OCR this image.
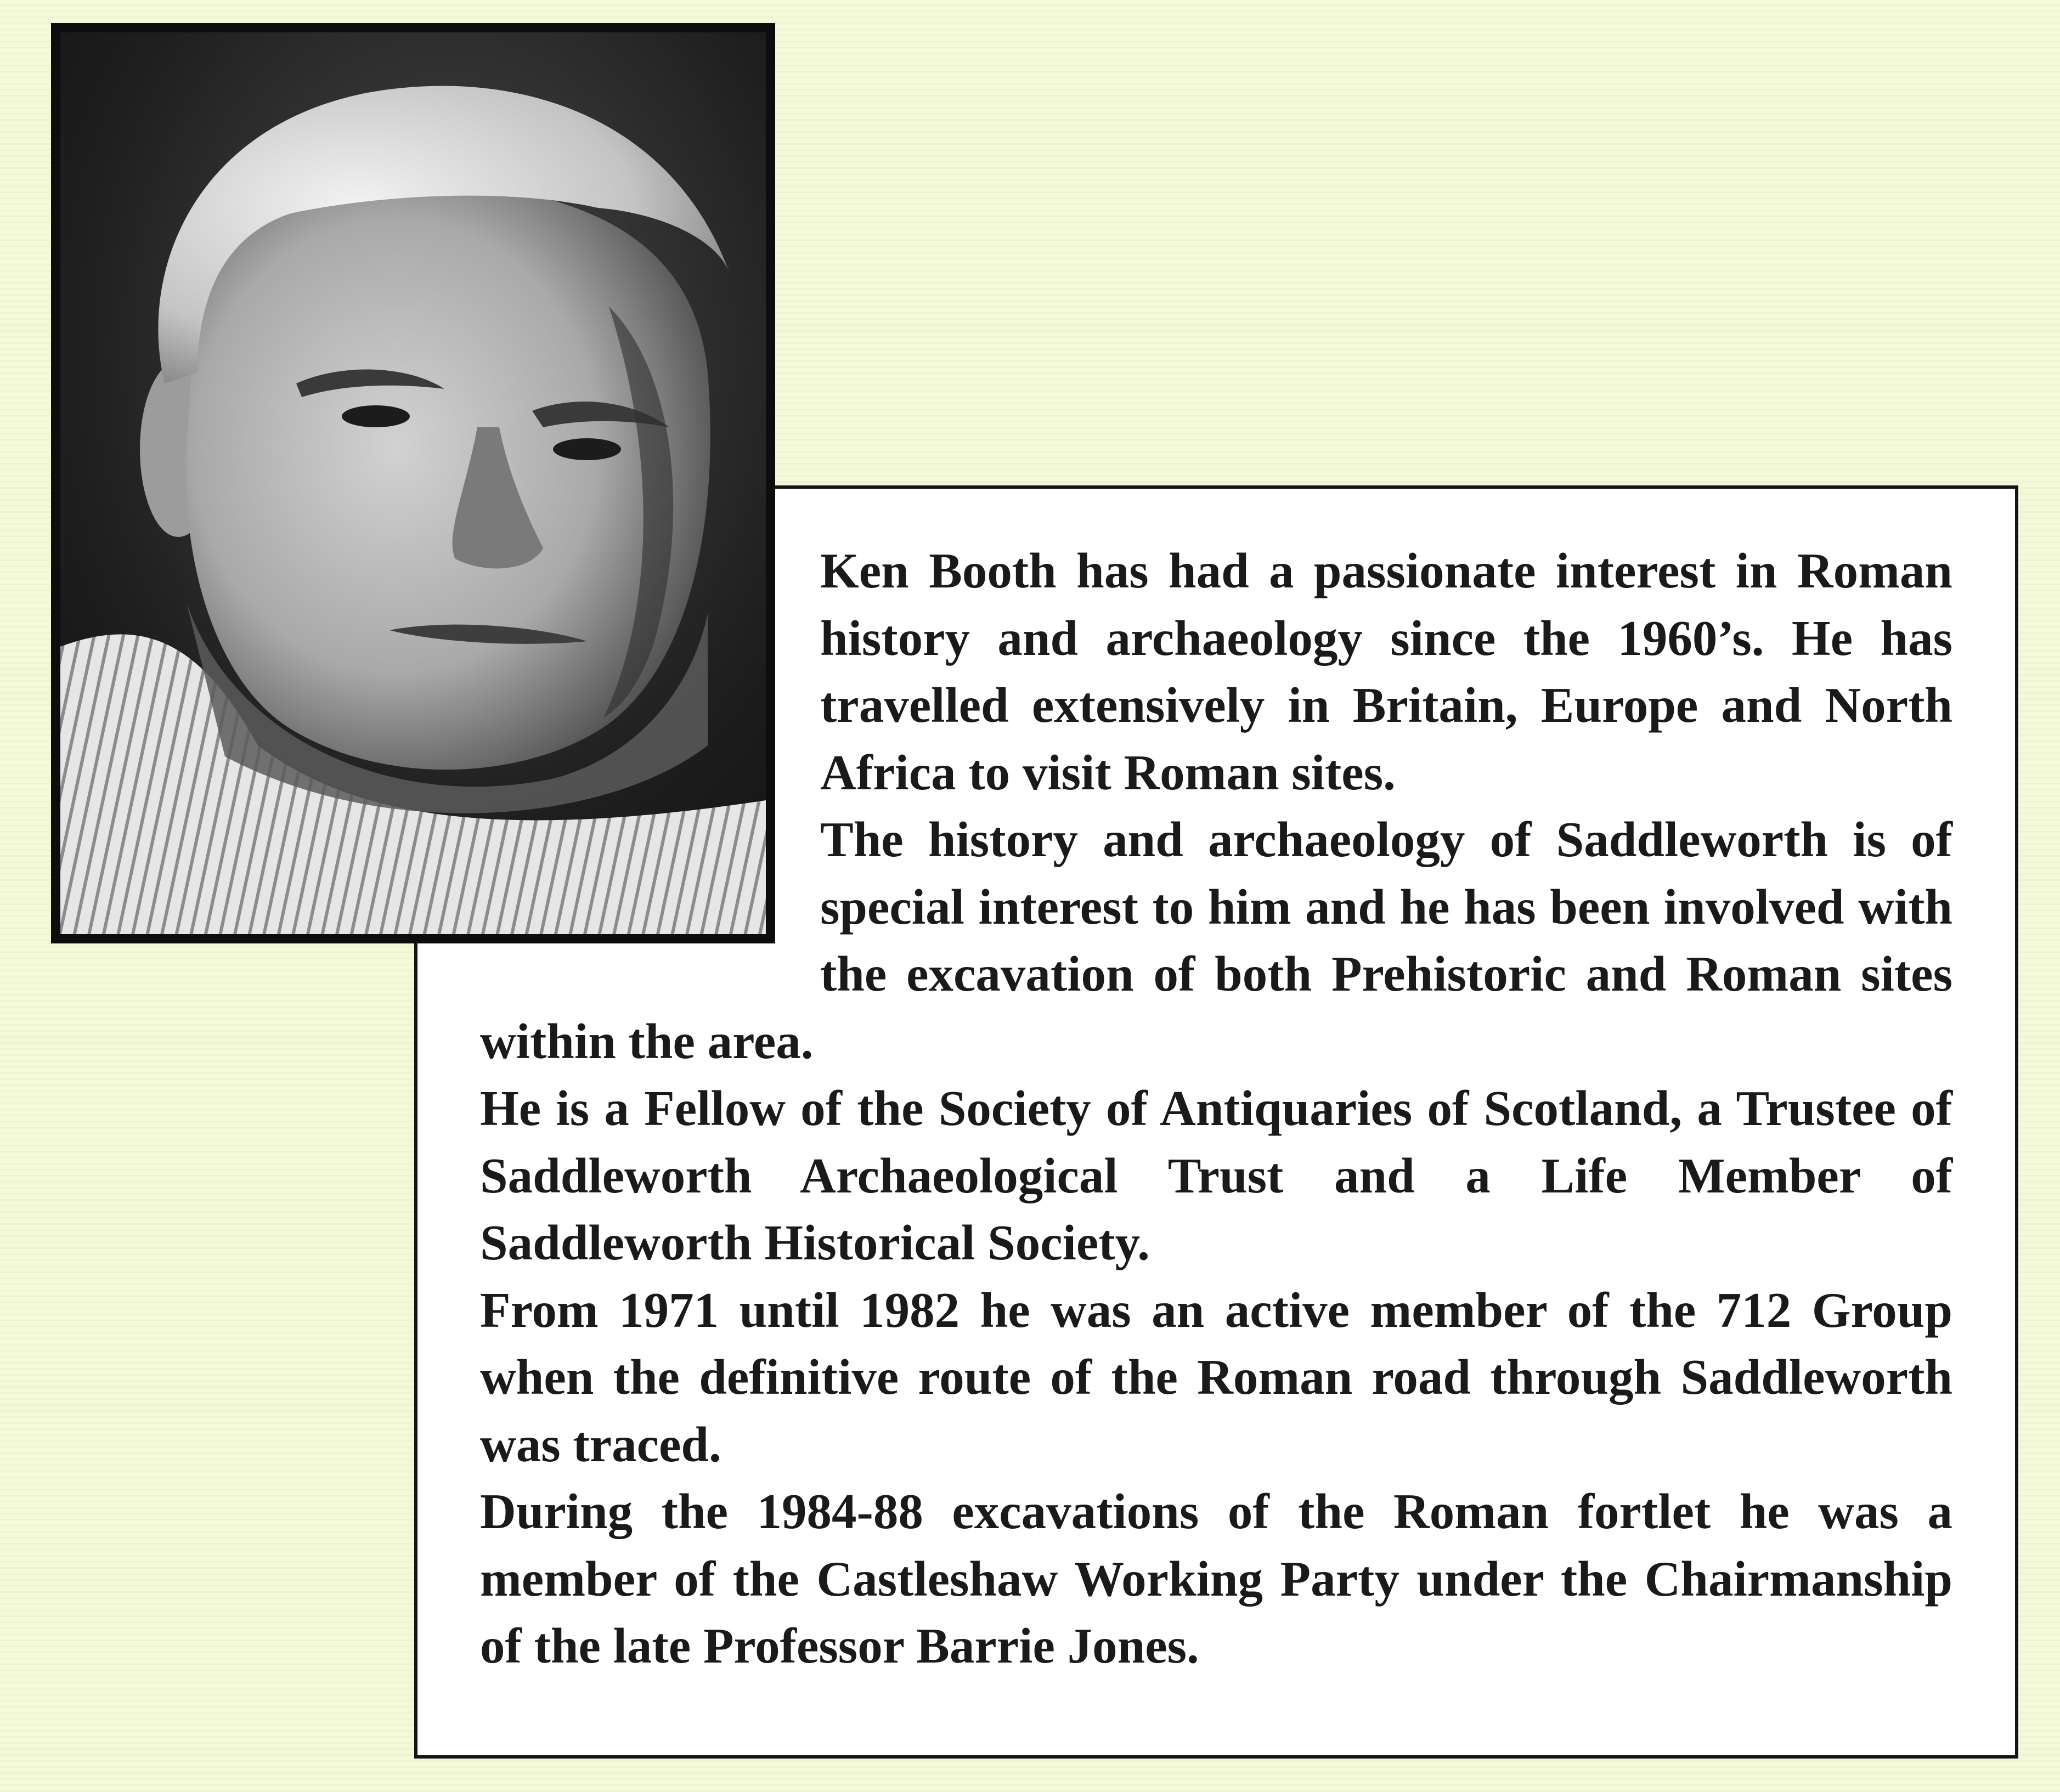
Ken Booth has had a passionate interest in Roman history and archaeology since the 1960’s. He has travelled extensively in Britain, Europe and North Africa to visit Roman sites.
The history and archaeology of Saddleworth is of special interest to him and he has been involved with the excavation of both Prehistoric and Roman sites within the area.
He is a Fellow of the Society of Antiquaries of Scotland, a Trustee of Saddleworth Archaeological Trust and a Life Member of Saddleworth Historical Society.
From 1971 until 1982 he was an active member of the 712 Group when the definitive route of the Roman road through Saddleworth was traced.
During the 1984-88 excavations of the Roman fortlet he was a member of the Castleshaw Working Party under the Chairmanship of the late Professor Barrie Jones.
